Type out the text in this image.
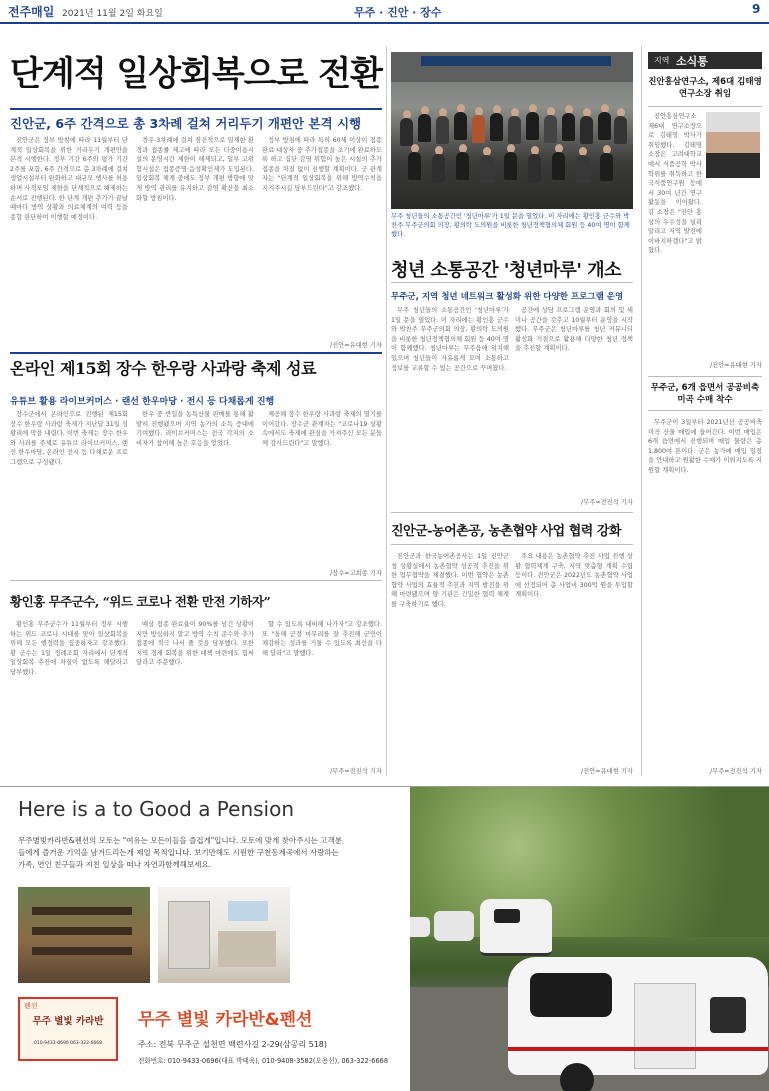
전주매일 2021년 11월 2일 화요일	무주 · 진안 · 장수	9
단계적 일상회복으로 전환
진안군, 6주 간격으로 총 3차례 걸쳐 거리두기 개편안 본격 시행

진안군은 정부 방침에 따라 11월부터 단계적 일상회복을 위한 거리두기 개편안을 본격 시행한다. 정부 기간 6주와 평가 기간 2주를 포함, 6주 간격으로 총 3차례에 걸쳐 생업시설부터 완화하고 대규모 행사를 허용하며 사적모임 제한을 단계적으로 해제하는 순서로 진행된다. 한 단계 개편 추가가 끝날 때마다 방역 상황과 의료체계의 여력 등을 종합 판단하여 이행할 예정이다.

경우 3차례에 걸쳐 점진적으로 일제한 환경과 접종률 제고에 따라 모든 다중이용시설의 운영시간 제한이 해제되고, 일부 고위험시설은 접종증명·음성확인제가 도입된다. 일상회복 체계 중에도 정부 개편 방향에 맞게 방역 관리를 유지하고 감염 확산을 최소화할 방침이다.

정부 방침에 따라 특히 60세 이상이 접종 완료 대상자 중 추가접종을 조기에 완료하도록 하고 집단 감염 위험이 높은 시설의 추가접종을 차질 없이 진행할 계획이다. 군 관계자는 "단계적 일상회복을 위해 방역수칙을 지켜주시길 당부드린다"고 강조했다.

/진안=유대현 기자
무주 청년들의 소통공간인 '청년마루'가 1일 문을 열었다. 이 자리에는 황인홍 군수와 박찬주 무주군의회 의장, 황의탁 도의원을 비롯한 청년정책협의체 회원 등 40여 명이 함께했다.
청년 소통공간 '청년마루' 개소
무주군, 지역 청년 네트워크 활성화 위한 다양한 프로그램 운영

무주 청년들의 소통공간인 '청년마루'가 1일 문을 열었다. 이 자리에는 황인홍 군수와 박찬주 무주군의회 의장, 황의탁 도의원을 비롯한 청년정책협의체 회원 등 40여 명이 함께했다. 청년마루는 무주읍에 위치해 있으며 청년들이 자유롭게 모여 소통하고 정보를 교류할 수 있는 공간으로 꾸며졌다.

공간에 상담 프로그램 운영과 회의 및 세미나 공간을 갖추고 10월부터 운영을 시작했다. 무주군은 청년마루를 청년 커뮤니티 활성화 거점으로 활용해 다양한 청년 정책을 추진할 계획이다.

/무주=전진석 기자
온라인 제15회 장수 한우랑 사과랑 축제 성료
유튜브 활용 라이브커머스 · 랜선 한우마당 · 전시 등 다채롭게 진행

장수군에서 온라인으로 진행된 제15회 장수 한우랑 사과랑 축제가 지난달 31일 성황리에 막을 내렸다. 이번 축제는 장수 한우와 사과를 주제로 유튜브 라이브커머스, 랜선 한우마당, 온라인 전시 등 다채로운 프로그램으로 구성됐다.

한우 중 반입을 농특산물 판매를 통해 활발히 진행됐으며 지역 농가의 소득 증대에 기여했다. 라이브커머스는 전국 각지의 소비자가 참여해 높은 호응을 얻었다.

제공해 장수 한우랑 사과랑 축제의 열기를 이어갔다. 장수군 관계자는 "코로나19 상황 속에서도 축제에 관심을 가져주신 모든 분들께 감사드린다"고 말했다.

/장수=고희종 기자
황인홍 무주군수, “위드 코로나 전환 만전 기하자”

황인홍 무주군수가 11월부터 정부 시행하는 위드 코로나 시대를 맞아 일상회복을 위해 모든 행정력을 집중하자고 강조했다. 황 군수는 1일 정례조회 자리에서 단계적 일상회복 추진에 차질이 없도록 해달라고 당부했다.

예상 접종 완료율이 90%를 넘긴 상황이지만 방심하지 말고 방역 수칙 준수와 추가 접종에 적극 나서 줄 것을 당부했다. 또한 지역 경제 회복을 위한 대책 마련에도 힘써 달라고 주문했다.

할 수 있도록 대비해 나가자"고 강조했다. 또 "올해 군정 마무리를 잘 추진해 군민이 체감하는 성과를 거둘 수 있도록 최선을 다해 달라"고 말했다.

/무주=전진석 기자
진안군-농어촌공, 농촌협약 사업 협력 강화

진안군과 한국농어촌공사는 1일 진안군청 상황실에서 농촌협약 성공적 추진을 위한 업무협약을 체결했다. 이번 협약은 농촌협약 사업의 효율적 추진과 지역 발전을 위해 마련됐으며 양 기관은 긴밀한 협력 체계를 구축하기로 했다.

주요 내용은 농촌협약 추진 사업 진행 상황 협력체계 구축, 지역 맞춤형 계획 수립 등이다. 진안군은 2022년도 농촌협약 사업에 선정되어 총 사업비 300억 원을 투입할 계획이다.

/진안=유대현 기자
지역 소식통
진안흥삼연구소, 제6대 김태영 연구소장 취임

진안흥삼연구소 제6대 연구소장으로 김태영 박사가 취임했다. 김태영 소장은 고려대학교에서 식품공학 박사 학위를 취득하고 한국식품연구원 등에서 30여 년간 연구 활동을 이어왔다. 김 소장은 "진안 홍삼의 우수성을 널리 알리고 지역 발전에 이바지하겠다"고 밝혔다.

/진안=유대현 기자
무주군, 6개 읍면서 공공비축미곡 수매 착수

무주군이 3일부터 2021년산 공공비축미곡 산물 매입에 들어간다. 이번 매입은 6개 읍면에서 진행되며 매입 물량은 총 1,800여 톤이다. 군은 농가에 매입 일정을 안내하고 원활한 수매가 이뤄지도록 지원할 계획이다.

/무주=전진석 기자
Here is a to Good a Pension
무주별빛카라반&펜션의 모토는 "여유는 모든이들을 즐겁게"입니다. 모토에 맞게 찾아주시는 고객분들에게 즐거운 기억을 남겨드리는게 제일 목적입니다. 보기만해도 시원한 구천동계곡에서 사랑하는 가족, 연인 친구들과 지친 일상을 떠나 자연과함께해보세요.
펜션
무주 별빛 카라반
010-9433-0696 063-322-6668
무주 별빛 카라반&펜션
주소: 전북 무주군 설천면 백련사길 2-29(삼공리 518)
전화번호: 010-9433-0696(대표 박태욱), 010-9408-3582(오용선), 063-322-6668
